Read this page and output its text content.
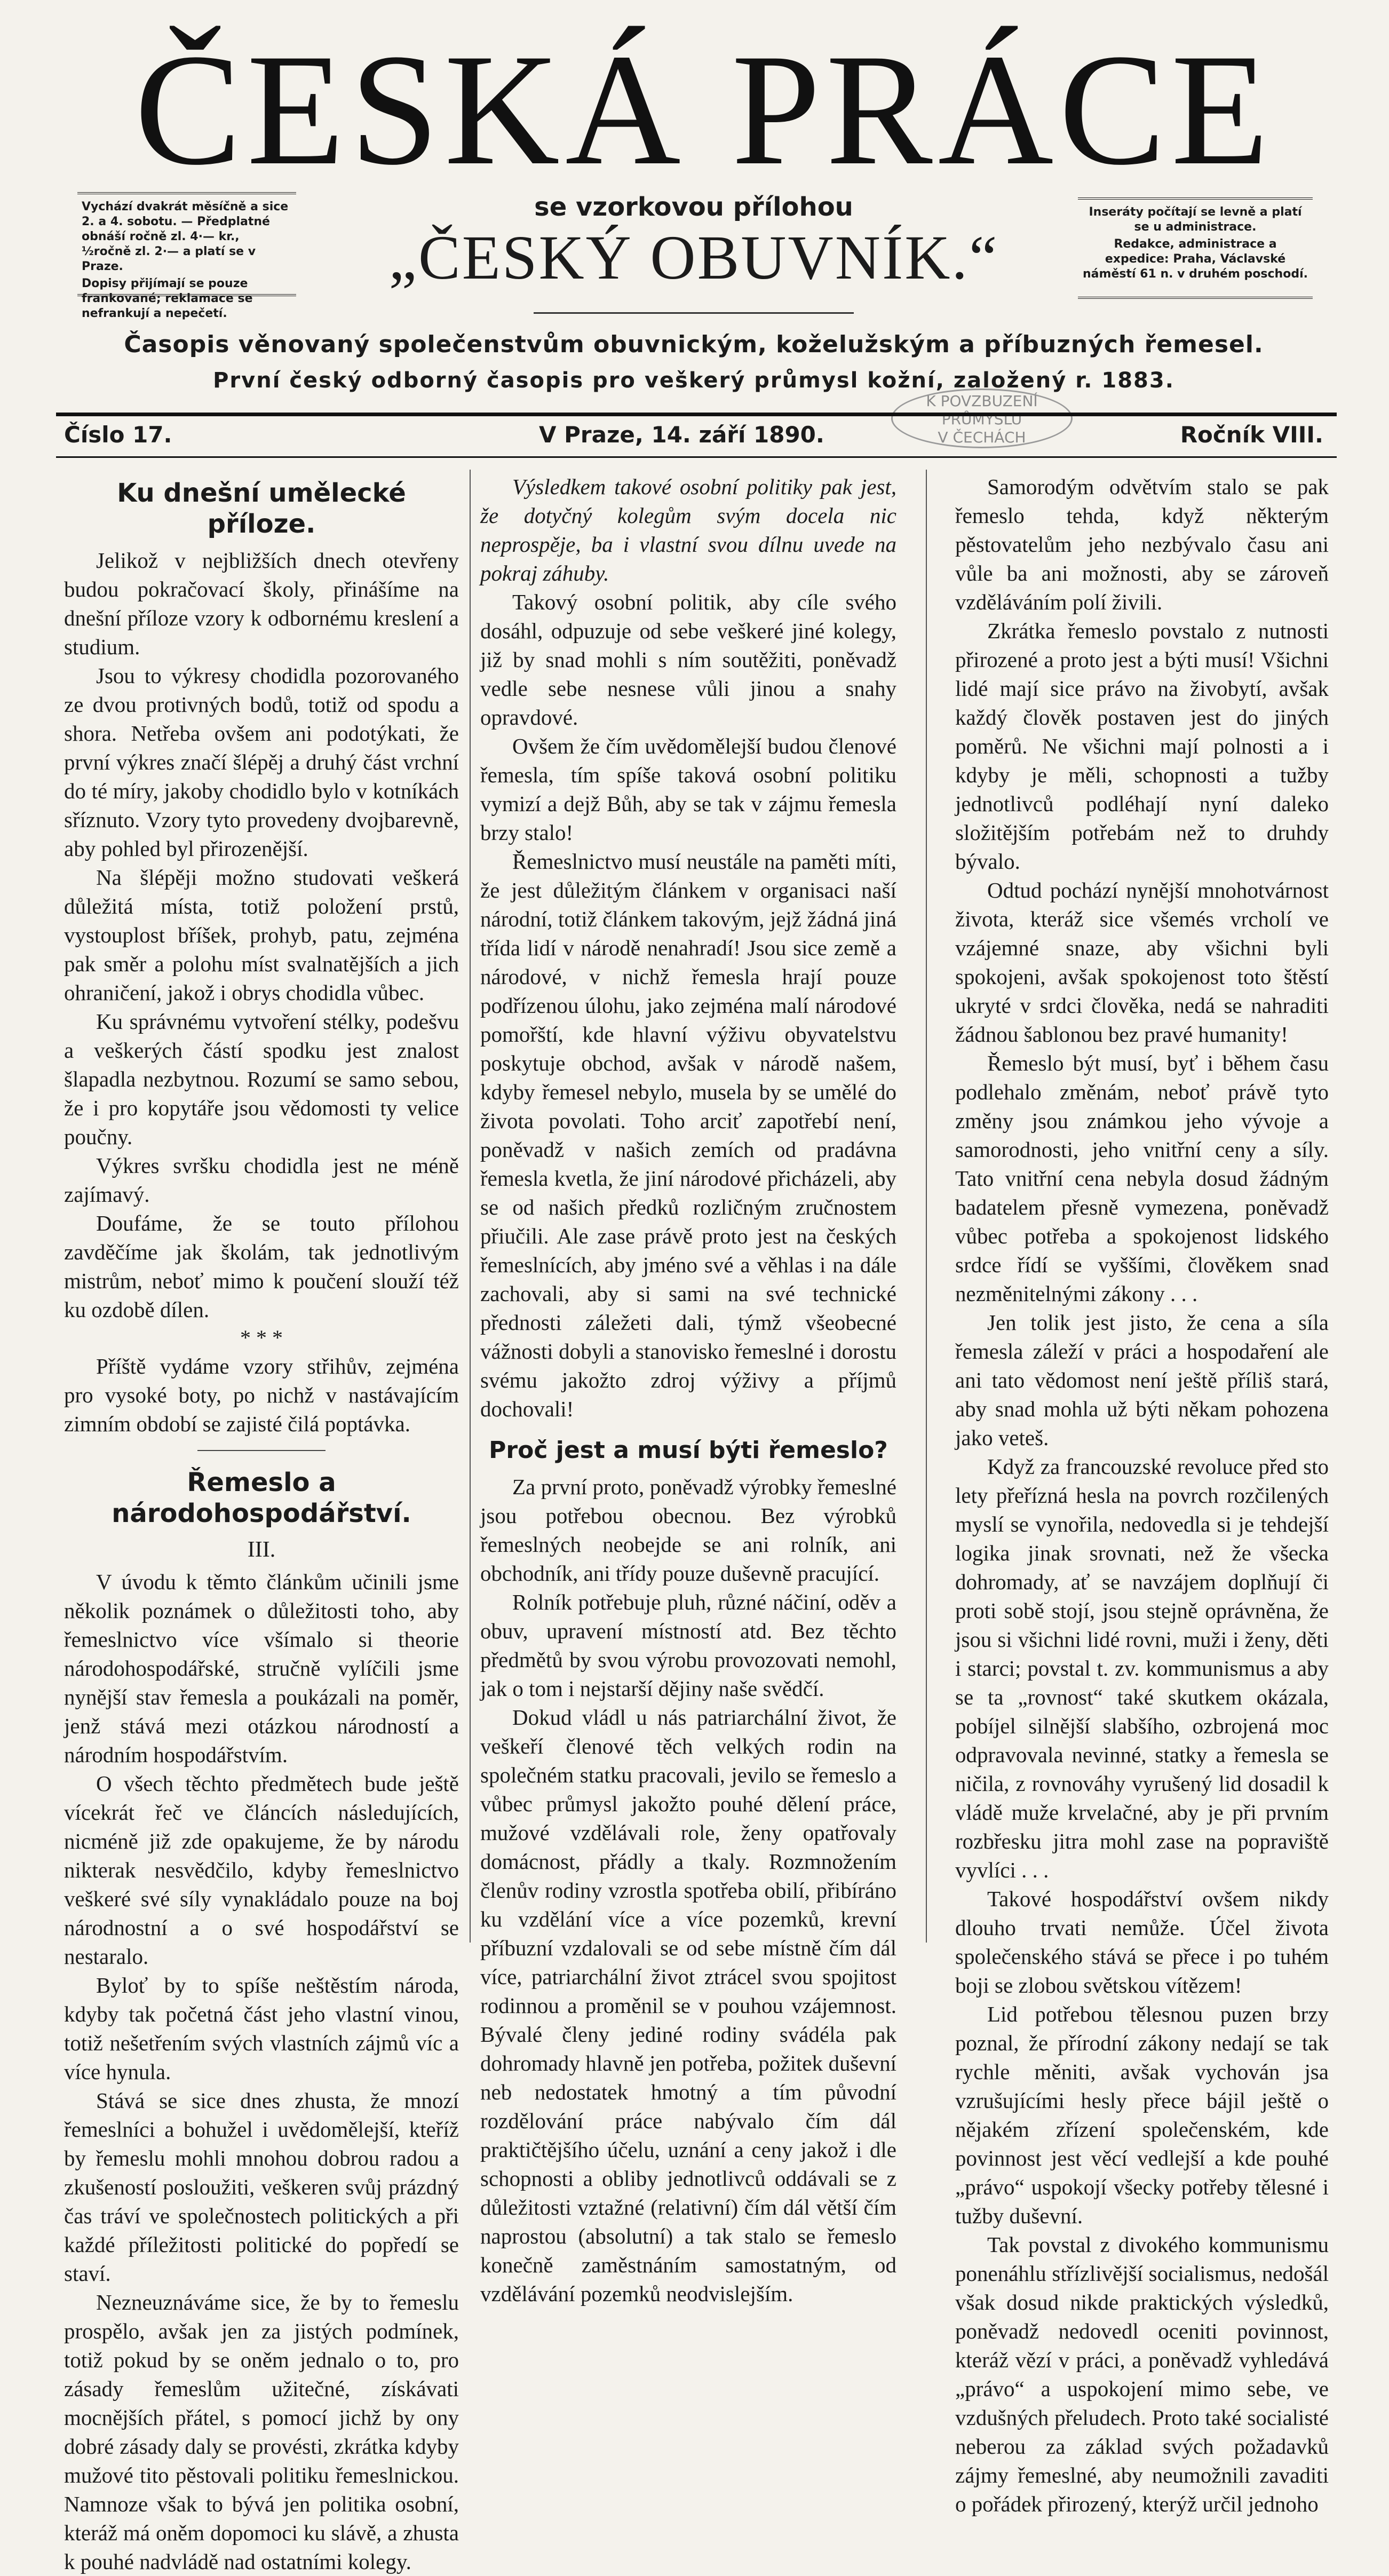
ČESKÁ PRÁCE

Vychází dvakrát měsíčně a sice 2. a 4. sobotu. — Předplatné obnáší ročně zl. 4·— kr., ½ročně zl. 2·— a platí se v Praze.

Dopisy přijímají se pouze frankované; reklamace se nefrankují a nepečetí.

Inseráty počítají se levně a platí se u administrace.

Redakce, administrace a expedice: Praha, Václavské náměstí 61 n. v druhém poschodí.

se vzorkovou přílohou
„ČESKÝ OBUVNÍK.“
Časopis věnovaný společenstvům obuvnickým, koželužským a příbuzných řemesel.
První český odborný časopis pro veškerý průmysl kožní, založený r. 1883.
K POVZBUZENÍ
PRŮMYSLU
V ČECHÁCH
Číslo 17.	V Praze, 14. září 1890.	Ročník VIII.
Ku dnešní umělecké příloze.

Jelikož v nejbližších dnech otevřeny budou pokračovací školy, přinášíme na dnešní příloze vzory k odbornému kreslení a studium.

Jsou to výkresy chodidla pozorovaného ze dvou protivných bodů, totiž od spodu a shora. Netřeba ovšem ani podotýkati, že první výkres značí šlépěj a druhý část vrchní do té míry, jakoby chodidlo bylo v kotníkách sříznuto. Vzory tyto provedeny dvojbarevně, aby pohled byl přirozenější.

Na šlépěji možno studovati veškerá důležitá místa, totiž položení prstů, vystouplost bříšek, prohyb, patu, zejména pak směr a polohu míst svalnatějších a jich ohraničení, jakož i obrys chodidla vůbec.

Ku správnému vytvoření stélky, podešvu a veškerých částí spodku jest znalost šlapadla nezbytnou. Rozumí se samo sebou, že i pro kopytáře jsou vědomosti ty velice poučny.

Výkres svršku chodidla jest ne méně zajímavý.

Doufáme, že se touto přílohou zavděčíme jak školám, tak jednotlivým mistrům, neboť mimo k poučení slouží též ku ozdobě dílen.

* * *

Příště vydáme vzory střihův, zejména pro vysoké boty, po nichž v nastávajícím zimním období se zajisté čilá poptávka.

Řemeslo a národohospodářství.
III.

V úvodu k těmto článkům učinili jsme několik poznámek o důležitosti toho, aby řemeslnictvo více všímalo si theorie národohospodářské, stručně vylíčili jsme nynější stav řemesla a poukázali na poměr, jenž stává mezi otázkou národností a národním hospodářstvím.

O všech těchto předmětech bude ještě vícekrát řeč ve článcích následujících, nicméně již zde opakujeme, že by národu nikterak nesvědčilo, kdyby řemeslnictvo veškeré své síly vynakládalo pouze na boj národnostní a o své hospodářství se nestaralo.

Byloť by to spíše neštěstím národa, kdyby tak početná část jeho vlastní vinou, totiž nešetřením svých vlastních zájmů víc a více hynula.

Stává se sice dnes zhusta, že mnozí řemeslníci a bohužel i uvědomělejší, kteříž by řemeslu mohli mnohou dobrou radou a zkušeností posloužiti, veškeren svůj prázdný čas tráví ve společnostech politických a při každé příležitosti politické do popředí se staví.

Nezneuznáváme sice, že by to řemeslu prospělo, avšak jen za jistých podmínek, totiž pokud by se oněm jednalo o to, pro zásady řemeslům užitečné, získávati mocnějších přátel, s pomocí jichž by ony dobré zásady daly se provésti, zkrátka kdyby mužové tito pěstovali politiku řemeslnickou. Namnoze však to bývá jen politika osobní, kteráž má oněm dopomoci ku slávě, a zhusta k pouhé nadvládě nad ostatními kolegy.

Výsledkem takové osobní politiky pak jest, že dotyčný kolegům svým docela nic neprospěje, ba i vlastní svou dílnu uvede na pokraj záhuby.

Takový osobní politik, aby cíle svého dosáhl, odpuzuje od sebe veškeré jiné kolegy, již by snad mohli s ním soutěžiti, poněvadž vedle sebe nesnese vůli jinou a snahy opravdové.

Ovšem že čím uvědomělejší budou členové řemesla, tím spíše taková osobní politiku vymizí a dejž Bůh, aby se tak v zájmu řemesla brzy stalo!

Řemeslnictvo musí neustále na paměti míti, že jest důležitým článkem v organisaci naší národní, totiž článkem takovým, jejž žádná jiná třída lidí v národě nenahradí! Jsou sice země a národové, v nichž řemesla hrají pouze podřízenou úlohu, jako zejména malí národové pomořští, kde hlavní výživu obyvatelstvu poskytuje obchod, avšak v národě našem, kdyby řemesel nebylo, musela by se umělé do života povolati. Toho arciť zapotřebí není, poněvadž v našich zemích od pradávna řemesla kvetla, že jiní národové přicházeli, aby se od našich předků rozličným zručnostem přiučili. Ale zase právě proto jest na českých řemeslnících, aby jméno své a věhlas i na dále zachovali, aby si sami na své technické přednosti záležeti dali, týmž všeobecné vážnosti dobyli a stanovisko řemeslné i dorostu svému jakožto zdroj výživy a příjmů dochovali!

Proč jest a musí býti řemeslo?

Za první proto, poněvadž výrobky řemeslné jsou potřebou obecnou. Bez výrobků řemeslných neobejde se ani rolník, ani obchodník, ani třídy pouze duševně pracující.

Rolník potřebuje pluh, různé náčiní, oděv a obuv, upravení místností atd. Bez těchto předmětů by svou výrobu provozovati nemohl, jak o tom i nejstarší dějiny naše svědčí.

Dokud vládl u nás patriarchální život, že veškeří členové těch velkých rodin na společném statku pracovali, jevilo se řemeslo a vůbec průmysl jakožto pouhé dělení práce, mužové vzdělávali role, ženy opatřovaly domácnost, přádly a tkaly. Rozmnožením členův rodiny vzrostla spotřeba obilí, přibíráno ku vzdělání více a více pozemků, krevní příbuzní vzdalovali se od sebe místně čím dál více, patriarchální život ztrácel svou spojitost rodinnou a proměnil se v pouhou vzájemnost. Bývalé členy jediné rodiny svádéla pak dohromady hlavně jen potřeba, požitek duševní neb nedostatek hmotný a tím původní rozdělování práce nabývalo čím dál praktičtějšího účelu, uznání a ceny jakož i dle schopnosti a obliby jednotlivců oddávali se z důležitosti vztažné (relativní) čím dál větší čím naprostou (absolutní) a tak stalo se řemeslo konečně zaměstnáním samostatným, od vzdělávání pozemků neodvislejším.

Samorodým odvětvím stalo se pak řemeslo tehda, když některým pěstovatelům jeho nezbývalo času ani vůle ba ani možnosti, aby se zároveň vzděláváním polí živili.

Zkrátka řemeslo povstalo z nutnosti přirozené a proto jest a býti musí! Všichni lidé mají sice právo na živobytí, avšak každý člověk postaven jest do jiných poměrů. Ne všichni mají polnosti a i kdyby je měli, schopnosti a tužby jednotlivců podléhají nyní daleko složitějším potřebám než to druhdy bývalo.

Odtud pochází nynější mnohotvárnost života, kteráž sice všemés vrcholí ve vzájemné snaze, aby všichni byli spokojeni, avšak spokojenost toto štěstí ukryté v srdci člověka, nedá se nahraditi žádnou šablonou bez pravé humanity!

Řemeslo být musí, byť i během času podlehalo změnám, neboť právě tyto změny jsou známkou jeho vývoje a samorodnosti, jeho vnitřní ceny a síly. Tato vnitřní cena nebyla dosud žádným badatelem přesně vymezena, poněvadž vůbec potřeba a spokojenost lidského srdce řídí se vyššími, člověkem snad nezměnitelnými zákony . . .

Jen tolik jest jisto, že cena a síla řemesla záleží v práci a hospodaření ale ani tato vědomost není ještě příliš stará, aby snad mohla už býti někam pohozena jako veteš.

Když za francouzské revoluce před sto lety přeřízná hesla na povrch rozčilených myslí se vynořila, nedovedla si je tehdejší logika jinak srovnati, než že všecka dohromady, ať se navzájem doplňují či proti sobě stojí, jsou stejně oprávněna, že jsou si všichni lidé rovni, muži i ženy, děti i starci; povstal t. zv. kommunismus a aby se ta „rovnost“ také skutkem okázala, pobíjel silnější slabšího, ozbrojená moc odpravovala nevinné, statky a řemesla se ničila, z rovnováhy vyrušený lid dosadil k vládě muže krvelačné, aby je při prvním rozbřesku jitra mohl zase na popraviště vyvlíci . . .

Takové hospodářství ovšem nikdy dlouho trvati nemůže. Účel života společenského stává se přece i po tuhém boji se zlobou světskou vítězem!

Lid potřebou tělesnou puzen brzy poznal, že přírodní zákony nedají se tak rychle měniti, avšak vychován jsa vzrušujícími hesly přece bájil ještě o nějakém zřízení společenském, kde povinnost jest věcí vedlejší a kde pouhé „právo“ uspokojí všecky potřeby tělesné i tužby duševní.

Tak povstal z divokého kommunismu ponenáhlu střízlivější socialismus, nedošál však dosud nikde praktických výsledků, poněvadž nedovedl oceniti povinnost, kteráž vězí v práci, a poněvadž vyhledává „právo“ a uspokojení mimo sebe, ve vzdušných přeludech. Proto také socialisté neberou za základ svých požadavků zájmy řemeslné, aby neumožnili zavaditi o pořádek přirozený, kterýž určil jednoho
